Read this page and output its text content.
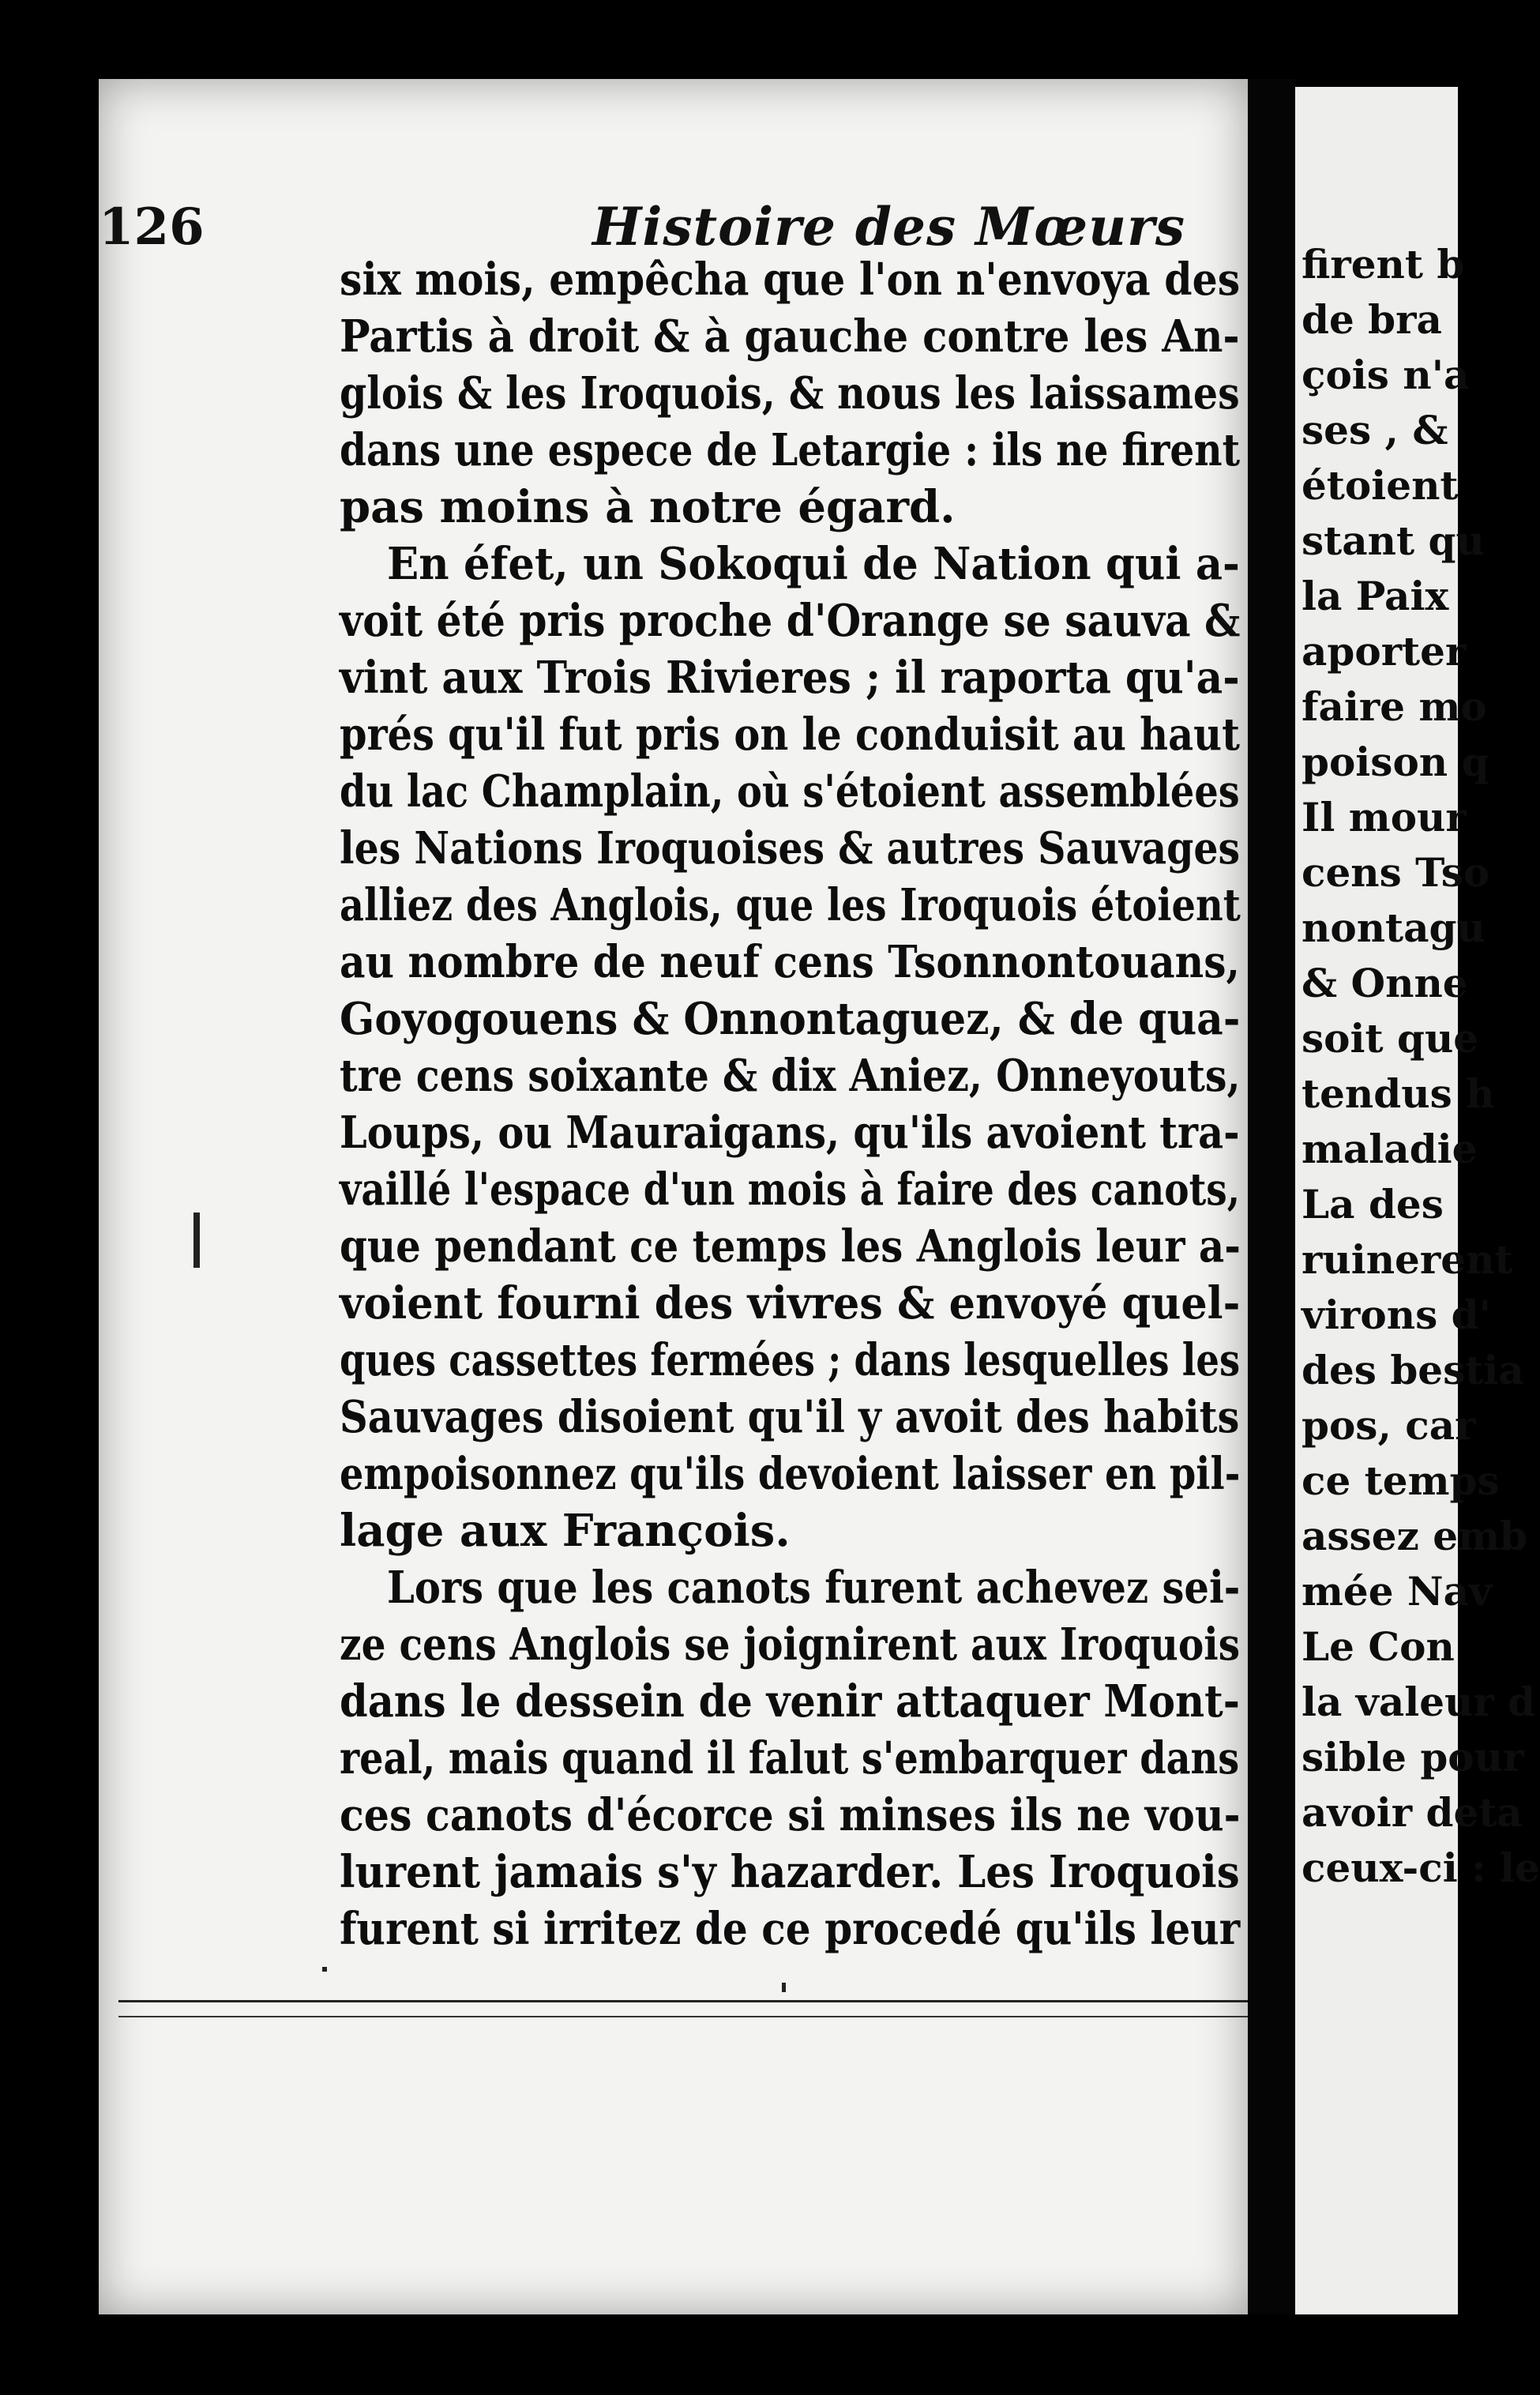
firent b
de bra
çois n'a
ses , &
étoient
stant qu
la Paix
aporter
faire mo
poison q
Il mour
cens Tso
nontagu
& Onne
soit que
tendus h
maladie
La des
ruinerent
virons d'
des bestia
pos, car
ce temps
assez emb
mée Nav
Le Con
la valeur d
sible pour
avoir deta
ceux-ci : le
126	Histoire des Mœurs
six mois, empêcha que l'on n'envoya des
Partis à droit & à gauche contre les An-
glois & les Iroquois, & nous les laissames
dans une espece de Letargie : ils ne firent
pas moins à notre égard.
En éfet, un Sokoqui de Nation qui a-
voit été pris proche d'Orange se sauva &
vint aux Trois Rivieres ; il raporta qu'a-
prés qu'il fut pris on le conduisit au haut
du lac Champlain, où s'étoient assemblées
les Nations Iroquoises & autres Sauvages
alliez des Anglois, que les Iroquois étoient
au nombre de neuf cens Tsonnontouans,
Goyogouens & Onnontaguez, & de qua-
tre cens soixante & dix Aniez, Onneyouts,
Loups, ou Mauraigans, qu'ils avoient tra-
vaillé l'espace d'un mois à faire des canots,
que pendant ce temps les Anglois leur a-
voient fourni des vivres & envoyé quel-
ques cassettes fermées ; dans lesquelles les
Sauvages disoient qu'il y avoit des habits
empoisonnez qu'ils devoient laisser en pil-
lage aux François.
Lors que les canots furent achevez sei-
ze cens Anglois se joignirent aux Iroquois
dans le dessein de venir attaquer Mont-
real, mais quand il falut s'embarquer dans
ces canots d'écorce si minses ils ne vou-
lurent jamais s'y hazarder. Les Iroquois
furent si irritez de ce procedé qu'ils leur
